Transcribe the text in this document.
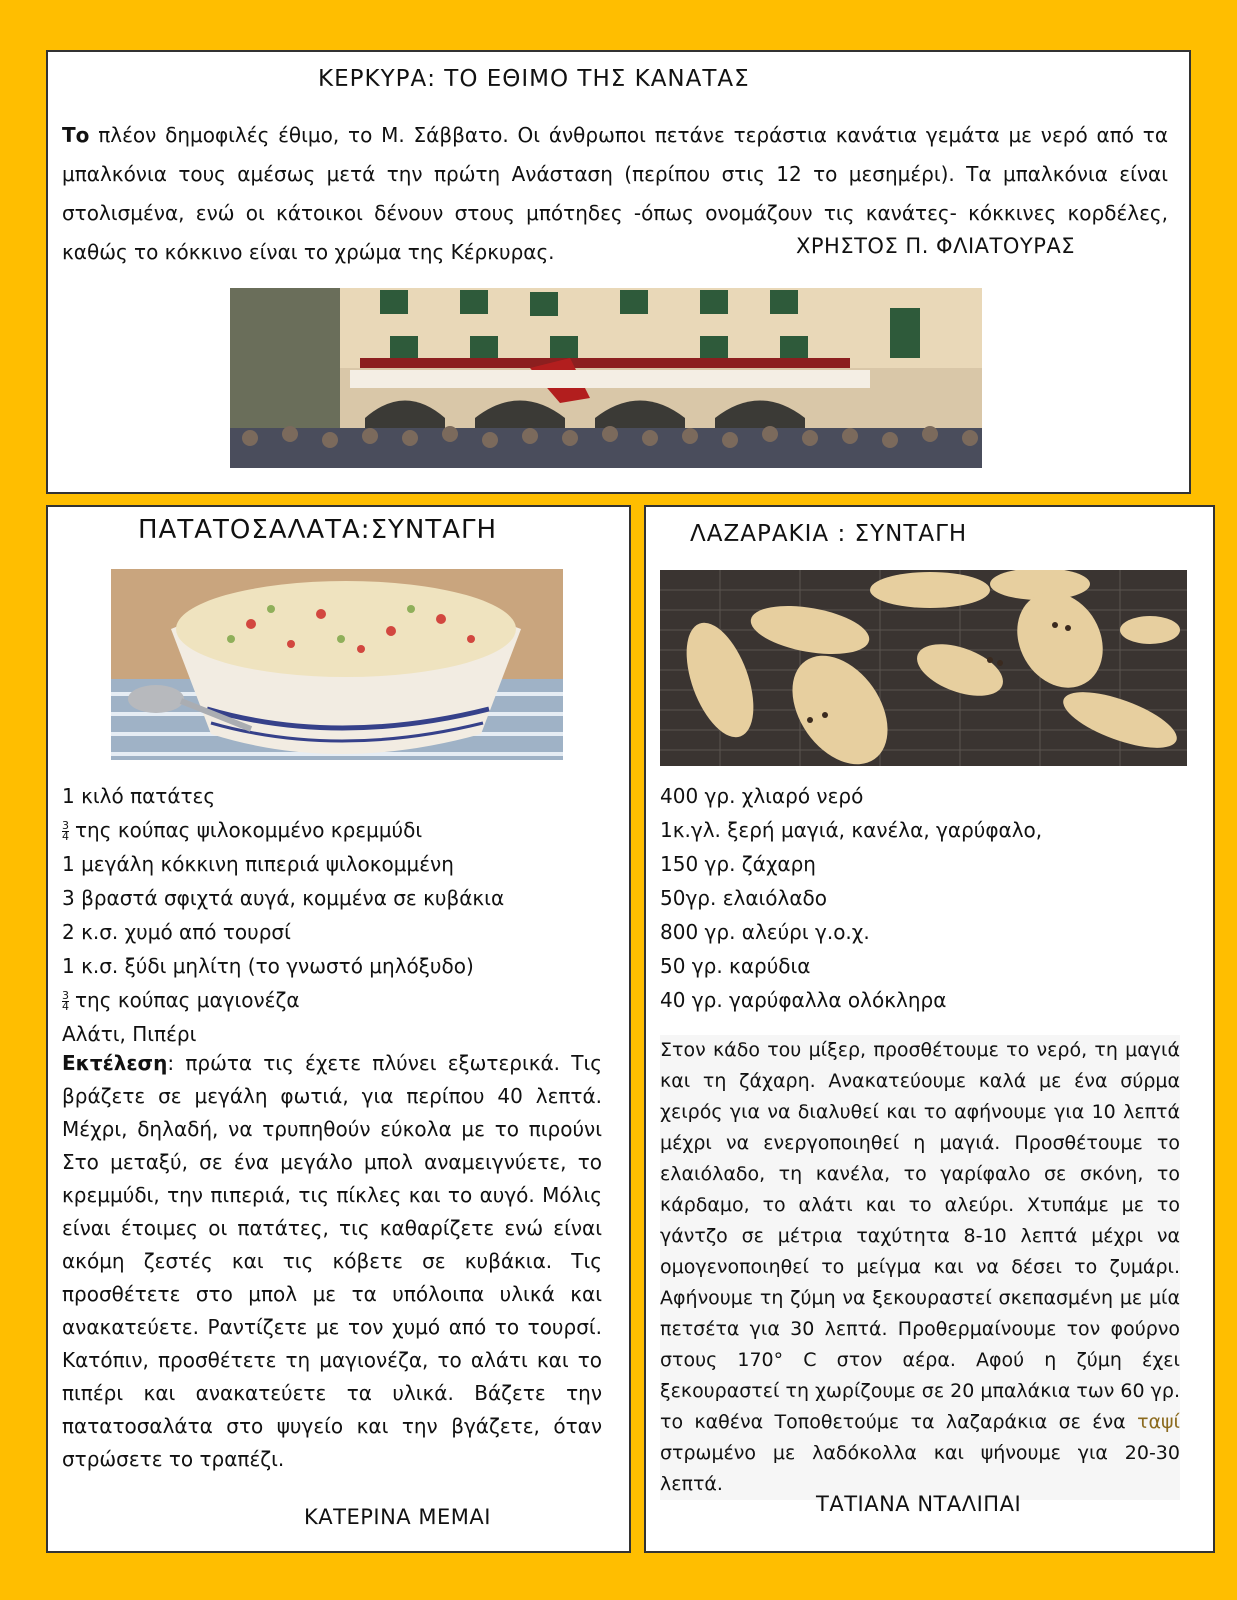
ΚΕΡΚΥΡΑ: ΤΟ ΕΘΙΜΟ ΤΗΣ ΚΑΝΑΤΑΣ
Το πλέον δημοφιλές έθιμο, το Μ. Σάββατο. Οι άνθρωποι πετάνε τεράστια κανάτια γεμάτα με νερό από τα μπαλκόνια τους αμέσως μετά την πρώτη Ανάσταση (περίπου στις 12 το μεσημέρι). Τα μπαλκόνια είναι στολισμένα, ενώ οι κάτοικοι δένουν στους μπότηδες -όπως ονομάζουν τις κανάτες- κόκκινες κορδέλες, καθώς το κόκκινο είναι το χρώμα της Κέρκυρας.	ΧΡΗΣΤΟΣ Π. ΦΛΙΑΤΟΥΡΑΣ
ΠΑΤΑΤΟΣΑΛΑΤΑ:ΣΥΝΤΑΓΗ
1 κιλό πατάτες
$\frac{3}{4}$ της κούπας ψιλοκομμένο κρεμμύδι
1 μεγάλη κόκκινη πιπεριά ψιλοκομμένη
3 βραστά σφιχτά αυγά, κομμένα σε κυβάκια
2 κ.σ. χυμό από τουρσί
1 κ.σ. ξύδι μηλίτη (το γνωστό μηλόξυδο)
$\frac{3}{4}$ της κούπας μαγιονέζα
Αλάτι, Πιπέρι
Εκτέλεση: πρώτα τις έχετε πλύνει εξωτερικά. Τις βράζετε σε μεγάλη φωτιά, για περίπου 40 λεπτά. Μέχρι, δηλαδή, να τρυπηθούν εύκολα με το πιρούνι Στο μεταξύ, σε ένα μεγάλο μπολ αναμειγνύετε, το κρεμμύδι, την πιπεριά, τις πίκλες και το αυγό. Μόλις είναι έτοιμες οι πατάτες, τις καθαρίζετε ενώ είναι ακόμη ζεστές και τις κόβετε σε κυβάκια. Τις προσθέτετε στο μπολ με τα υπόλοιπα υλικά και ανακατεύετε. Ραντίζετε με τον χυμό από το τουρσί. Κατόπιν, προσθέτετε τη μαγιονέζα, το αλάτι και το πιπέρι και ανακατεύετε τα υλικά. Βάζετε την πατατοσαλάτα στο ψυγείο και την βγάζετε, όταν στρώσετε το τραπέζι.
ΚΑΤΕΡΙΝΑ ΜΕΜΑΙ
ΛΑΖΑΡΑΚΙΑ : ΣΥΝΤΑΓΗ
400 γρ. χλιαρό νερό
1κ.γλ. ξερή μαγιά, κανέλα, γαρύφαλο,
150 γρ. ζάχαρη
50γρ. ελαιόλαδο
800 γρ. αλεύρι γ.ο.χ.
50 γρ. καρύδια
40 γρ. γαρύφαλλα ολόκληρα
Στον κάδο του μίξερ, προσθέτουμε το νερό, τη μαγιά και τη ζάχαρη. Ανακατεύουμε καλά με ένα σύρμα χειρός για να διαλυθεί και το αφήνουμε για 10 λεπτά μέχρι να ενεργοποιηθεί η μαγιά. Προσθέτουμε το ελαιόλαδο, τη κανέλα, το γαρίφαλο σε σκόνη, το κάρδαμο, το αλάτι και το αλεύρι. Χτυπάμε με το γάντζο σε μέτρια ταχύτητα 8-10 λεπτά μέχρι να ομογενοποιηθεί το μείγμα και να δέσει το ζυμάρι. Αφήνουμε τη ζύμη να ξεκουραστεί σκεπασμένη με μία πετσέτα για 30 λεπτά. Προθερμαίνουμε τον φούρνο στους 170° C στον αέρα. Αφού η ζύμη έχει ξεκουραστεί τη χωρίζουμε σε 20 μπαλάκια των 60 γρ. το καθένα Τοποθετούμε τα λαζαράκια σε ένα ταψί στρωμένο με λαδόκολλα και ψήνουμε για 20-30 λεπτά.
ΤΑΤΙΑΝΑ ΝΤΑΛΙΠΑΙ
